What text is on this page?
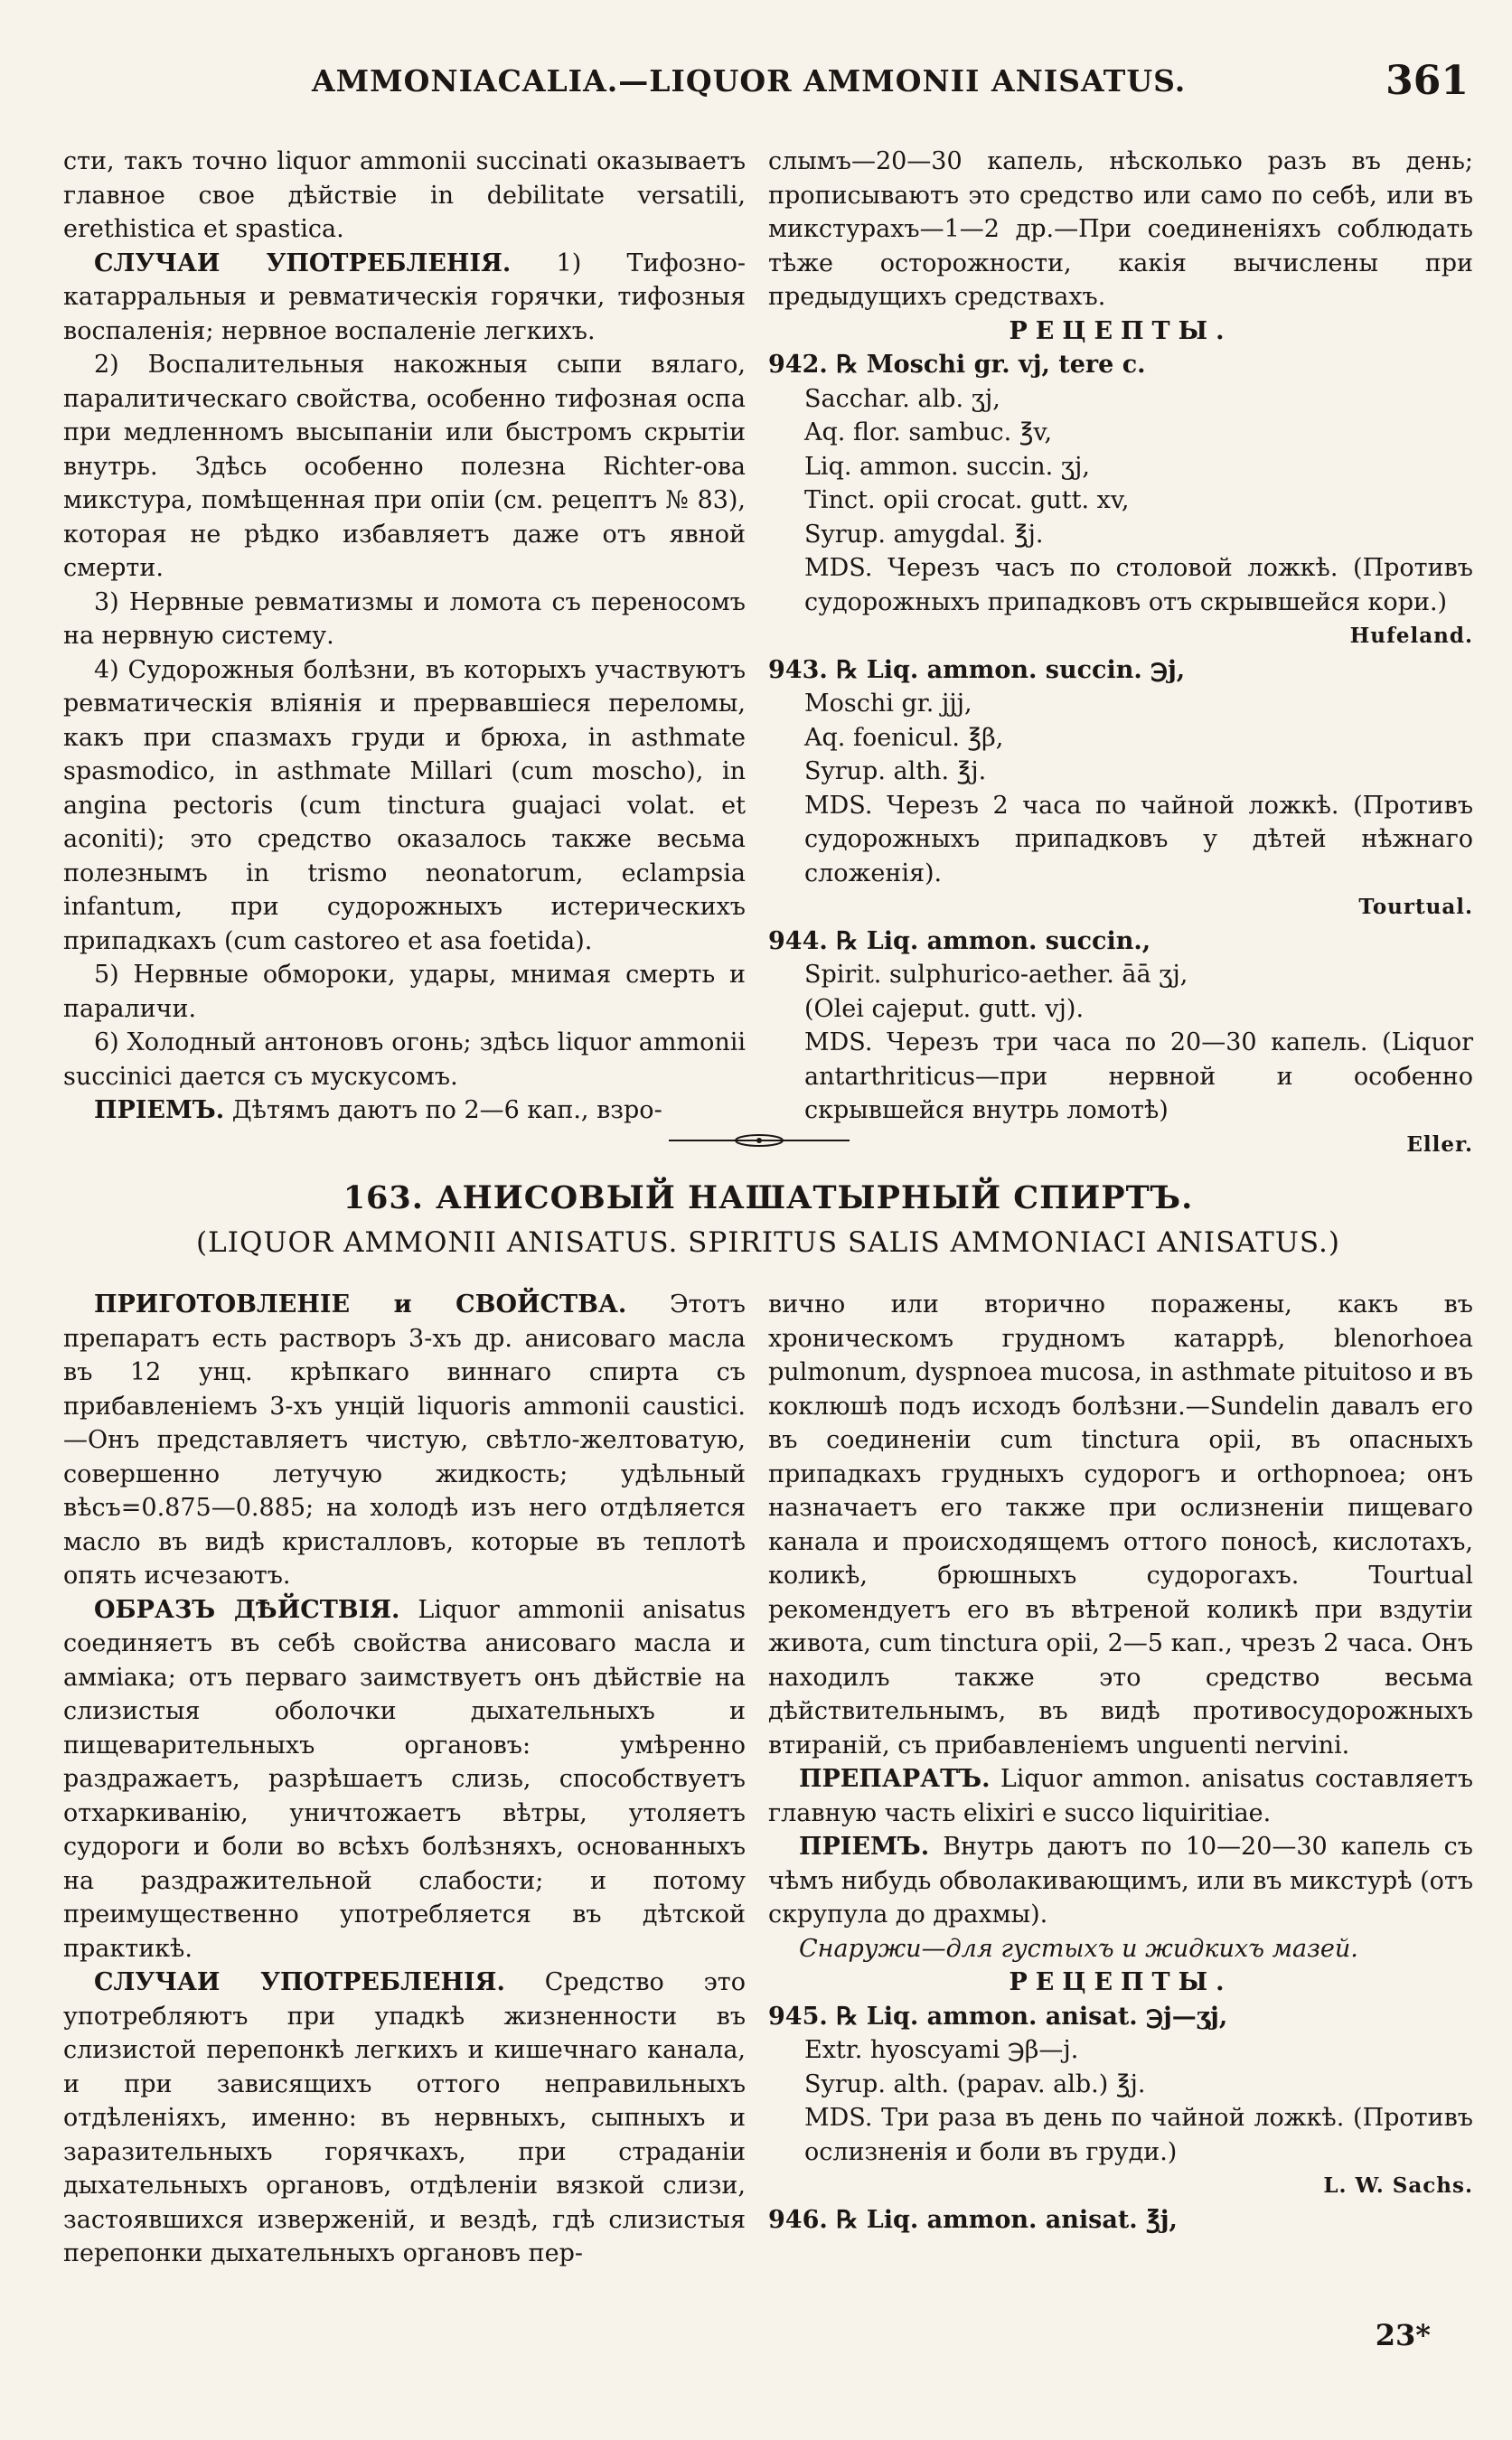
AMMONIACALIA.—LIQUOR AMMONII ANISATUS.	361

сти, такъ точно liquor ammonii succinati оказываетъ главное свое дѣйствіе in debilitate versatili, erethistica et spastica.

СЛУЧАИ УПОТРЕБЛЕНІЯ. 1) Тифозно-катарральныя и ревматическія горячки, тифозныя воспаленія; нервное воспаленіе легкихъ.

2) Воспалительныя накожныя сыпи вялаго, паралитическаго свойства, особенно тифозная оспа при медленномъ высыпаніи или быстромъ скрытіи внутрь. Здѣсь особенно полезна Richter-ова микстура, помѣщенная при опіи (см. рецептъ № 83), которая не рѣдко избавляетъ даже отъ явной смерти.

3) Нервные ревматизмы и ломота съ переносомъ на нервную систему.

4) Судорожныя болѣзни, въ которыхъ участвуютъ ревматическія вліянія и прервавшіеся переломы, какъ при спазмахъ груди и брюха, in asthmate spasmodico, in asthmate Millari (cum moscho), in angina pectoris (cum tinctura guajaci volat. et aconiti); это средство оказалось также весьма полезнымъ in trismo neonatorum, eclampsia infantum, при судорожныхъ истерическихъ припадкахъ (cum castoreo et asa foetida).

5) Нервные обмороки, удары, мнимая смерть и параличи.

6) Холодный антоновъ огонь; здѣсь liquor ammonii succinici дается съ мускусомъ.

ПРІЕМЪ. Дѣтямъ даютъ по 2—6 кап., взро-

слымъ—20—30 капель, нѣсколько разъ въ день; прописываютъ это средство или само по себѣ, или въ микстурахъ—1—2 др.—При соединеніяхъ соблюдать тѣже осторожности, какія вычислены при предыдущихъ средствахъ.

РЕЦЕПТЫ.

942. ℞ Moschi gr. vj, tere c.

Sacchar. alb. ʒj,

Aq. flor. sambuc. ℥v,

Liq. ammon. succin. ʒj,

Tinct. opii crocat. gutt. xv,

Syrup. amygdal. ℥j.

MDS. Черезъ часъ по столовой ложкѣ. (Противъ судорожныхъ припадковъ отъ скрывшейся кори.)

Hufeland.

943. ℞ Liq. ammon. succin. ℈j,

Moschi gr. jjj,

Aq. foenicul. ℥β,

Syrup. alth. ℥j.

MDS. Черезъ 2 часа по чайной ложкѣ. (Противъ судорожныхъ припадковъ у дѣтей нѣжнаго сложенія).

Tourtual.

944. ℞ Liq. ammon. succin.,

Spirit. sulphurico-aether. āā ʒj,

(Olei cajeput. gutt. vj).

MDS. Черезъ три часа по 20—30 капель. (Liquor antarthriticus—при нервной и особенно скрывшейся внутрь ломотѣ)

Eller.

163. АНИСОВЫЙ НАШАТЫРНЫЙ СПИРТЪ.
(LIQUOR AMMONII ANISATUS. SPIRITUS SALIS AMMONIACI ANISATUS.)

ПРИГОТОВЛЕНІЕ и СВОЙСТВА. Этотъ препаратъ есть растворъ 3-хъ др. анисоваго масла въ 12 унц. крѣпкаго виннаго спирта съ прибавленіемъ 3-хъ унцій liquoris ammonii caustici.—Онъ представляетъ чистую, свѣтло-желтоватую, совершенно летучую жидкость; удѣльный вѣсъ=0.875—0.885; на холодѣ изъ него отдѣляется масло въ видѣ кристалловъ, которые въ теплотѣ опять исчезаютъ.

ОБРАЗЪ ДѢЙСТВІЯ. Liquor ammonii anisatus соединяетъ въ себѣ свойства анисоваго масла и аммiака; отъ перваго заимствуетъ онъ дѣйствіе на слизистыя оболочки дыхательныхъ и пищеварительныхъ органовъ: умѣренно раздражаетъ, разрѣшаетъ слизь, способствуетъ отхаркиванію, уничтожаетъ вѣтры, утоляетъ судороги и боли во всѣхъ болѣзняхъ, основанныхъ на раздражительной слабости; и потому преимущественно употребляется въ дѣтской практикѣ.

СЛУЧАИ УПОТРЕБЛЕНІЯ. Средство это употребляютъ при упадкѣ жизненности въ слизистой перепонкѣ легкихъ и кишечнаго канала, и при зависящихъ оттого неправильныхъ отдѣленіяхъ, именно: въ нервныхъ, сыпныхъ и заразительныхъ горячкахъ, при страданіи дыхательныхъ органовъ, отдѣленіи вязкой слизи, застоявшихся изверженій, и вездѣ, гдѣ слизистыя перепонки дыхательныхъ органовъ пер-

вично или вторично поражены, какъ въ хроническомъ грудномъ катаррѣ, blenorhoea pulmonum, dyspnoea mucosa, in asthmate pituitoso и въ коклюшѣ подъ исходъ болѣзни.—Sundelin давалъ его въ соединеніи cum tinctura opii, въ опасныхъ припадкахъ грудныхъ судорогъ и orthopnoea; онъ назначаетъ его также при ослизненіи пищеваго канала и происходящемъ оттого поносѣ, кислотахъ, коликѣ, брюшныхъ судорогахъ. Tourtual рекомендуетъ его въ вѣтреной коликѣ при вздутіи живота, cum tinctura opii, 2—5 кап., чрезъ 2 часа. Онъ находилъ также это средство весьма дѣйствительнымъ, въ видѣ противосудорожныхъ втираній, съ прибавленіемъ unguenti nervini.

ПРЕПАРАТЪ. Liquor ammon. anisatus составляетъ главную часть elixiri e succo liquiritiae.

ПРІЕМЪ. Внутрь даютъ по 10—20—30 капель съ чѣмъ нибудь обволакивающимъ, или въ микстурѣ (отъ скрупула до драхмы).

Снаружи—для густыхъ и жидкихъ мазей.

РЕЦЕПТЫ.

945. ℞ Liq. ammon. anisat. ℈j—ʒj,

Extr. hyosсyami ℈β—j.

Syrup. alth. (papav. alb.) ℥j.

MDS. Три раза въ день по чайной ложкѣ. (Противъ ослизненія и боли въ груди.)

L. W. Sachs.

946. ℞ Liq. ammon. anisat. ℥j,

23*
